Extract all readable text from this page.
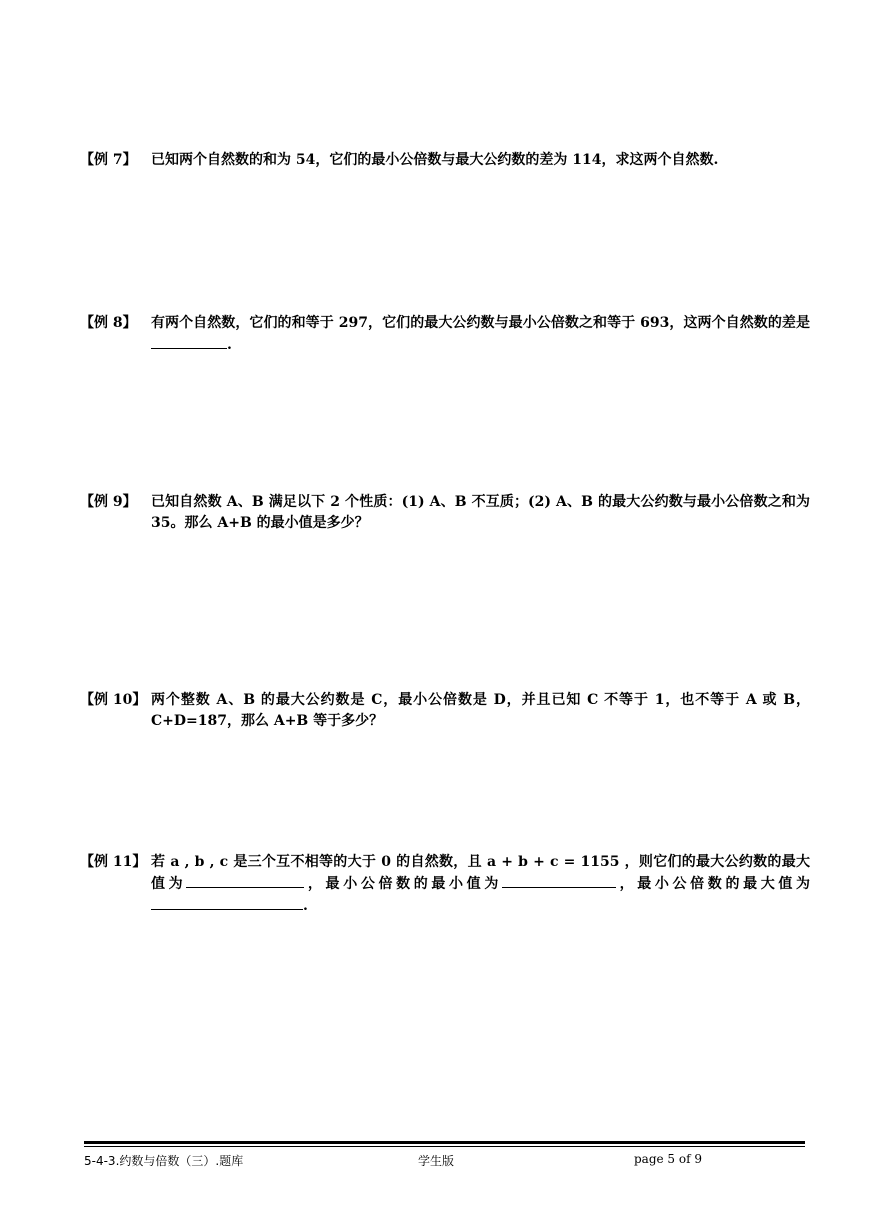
【例 7】 已知两个自然数的和为 54，它们的最小公倍数与最大公约数的差为 114，求这两个自然数.
【例 8】 有两个自然数，它们的和等于 297，它们的最大公约数与最小公倍数之和等于 693，这两个自然数的差是.
【例 9】 已知自然数 A、B 满足以下 2 个性质：(1) A、B 不互质；(2) A、B 的最大公约数与最小公倍数之和为 35。那么 A+B 的最小值是多少？
【例 10】 两个整数 A、B 的最大公约数是 C，最小公倍数是 D，并且已知 C 不等于 1，也不等于 A 或 B，C+D=187，那么 A+B 等于多少？
【例 11】 若 a , b , c 是三个互不相等的大于 0 的自然数，且 a + b + c = 1155 ，则它们的最大公约数的最大值为	，最小公倍数的最小值为	，最小公倍数的最大值为.
5-4-3.约数与倍数（三）.题库	学生版	page 5 of 9
